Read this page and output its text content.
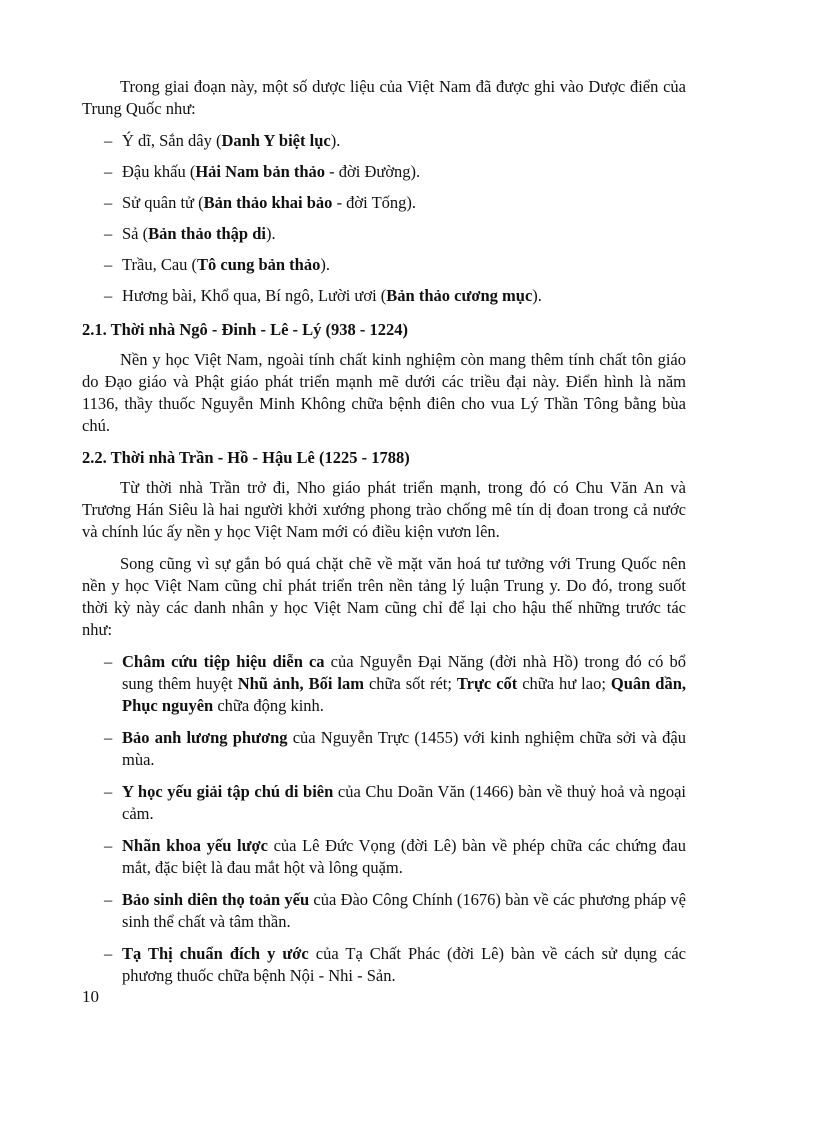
Trong giai đoạn này, một số dược liệu của Việt Nam đã được ghi vào Dược điển của Trung Quốc như:

– Ý dĩ, Sắn dây (Danh Y biệt lục).
– Đậu khấu (Hải Nam bản thảo - đời Đường).
– Sử quân tử (Bản thảo khai bảo - đời Tống).
– Sả (Bản thảo thập di).
– Trầu, Cau (Tô cung bản thảo).
– Hương bài, Khổ qua, Bí ngô, Lười ươi (Bản thảo cương mục).
2.1. Thời nhà Ngô - Đinh - Lê - Lý (938 - 1224)

Nền y học Việt Nam, ngoài tính chất kinh nghiệm còn mang thêm tính chất tôn giáo do Đạo giáo và Phật giáo phát triển mạnh mẽ dưới các triều đại này. Điển hình là năm 1136, thầy thuốc Nguyễn Minh Không chữa bệnh điên cho vua Lý Thần Tông bằng bùa chú.

2.2. Thời nhà Trần - Hồ - Hậu Lê (1225 - 1788)

Từ thời nhà Trần trở đi, Nho giáo phát triển mạnh, trong đó có Chu Văn An và Trương Hán Siêu là hai người khởi xướng phong trào chống mê tín dị đoan trong cả nước và chính lúc ấy nền y học Việt Nam mới có điều kiện vươn lên.

Song cũng vì sự gắn bó quá chặt chẽ về mặt văn hoá tư tưởng với Trung Quốc nên nền y học Việt Nam cũng chỉ phát triển trên nền tảng lý luận Trung y. Do đó, trong suốt thời kỳ này các danh nhân y học Việt Nam cũng chỉ để lại cho hậu thế những trước tác như:

– Châm cứu tiệp hiệu diễn ca của Nguyễn Đại Năng (đời nhà Hồ) trong đó có bổ sung thêm huyệt Nhũ ảnh, Bối lam chữa sốt rét; Trực cốt chữa hư lao; Quân dần, Phục nguyên chữa động kinh.
– Bảo anh lương phương của Nguyễn Trực (1455) với kinh nghiệm chữa sởi và đậu mùa.
– Y học yếu giải tập chú di biên của Chu Doãn Văn (1466) bàn về thuỷ hoả và ngoại cảm.
– Nhãn khoa yếu lược của Lê Đức Vọng (đời Lê) bàn về phép chữa các chứng đau mắt, đặc biệt là đau mắt hột và lông quặm.
– Bảo sinh diên thọ toản yếu của Đào Công Chính (1676) bàn về các phương pháp vệ sinh thể chất và tâm thần.
– Tạ Thị chuẩn đích y ước của Tạ Chất Phác (đời Lê) bàn về cách sử dụng các phương thuốc chữa bệnh Nội - Nhi - Sản.
10
